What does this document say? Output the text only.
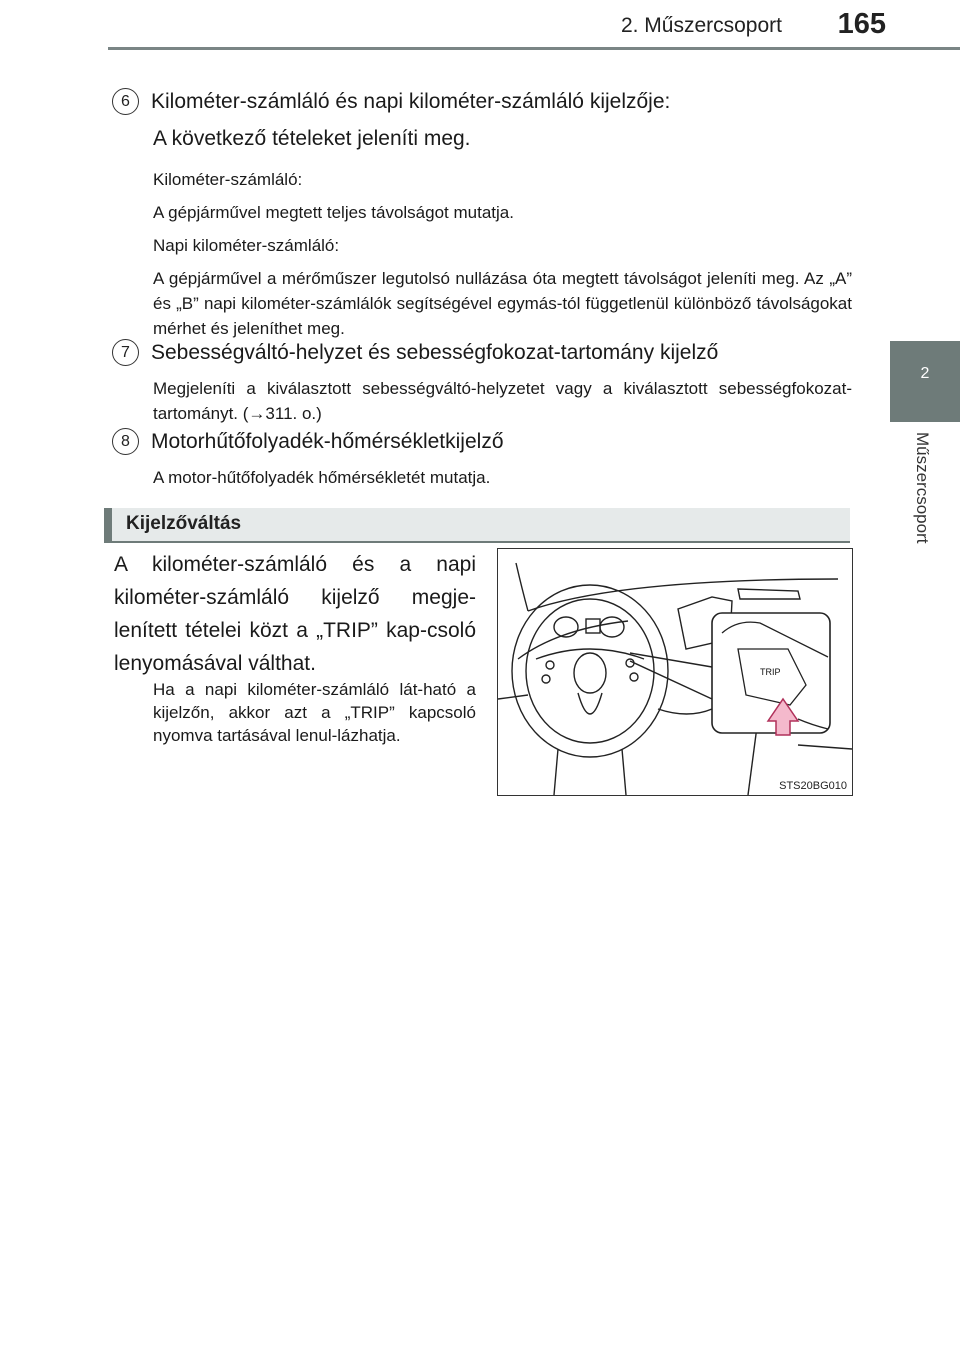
2. Műszercsoport 165
2
Műszercsoport
6	Kilométer-számláló és napi kilométer-számláló kijelzője:
A következő tételeket jeleníti meg.

Kilométer-számláló:

A gépjárművel megtett teljes távolságot mutatja.

Napi kilométer-számláló:

A gépjárművel a mérőműszer legutolsó nullázása óta megtett távolságot jeleníti meg. Az „A” és „B” napi kilométer-számlálók segítségével egymás-tól függetlenül különböző távolságokat mérhet és jeleníthet meg.

7	Sebességváltó-helyzet és sebességfokozat-tartomány kijelző

Megjeleníti a kiválasztott sebességváltó-helyzetet vagy a kiválasztott sebességfokozat-tartományt. (→311. o.)

8	Motorhűtőfolyadék-hőmérsékletkijelző

A motor-hűtőfolyadék hőmérsékletét mutatja.

Kijelzőváltás

A kilométer-számláló és a napi kilométer-számláló kijelző megje-lenített tételei közt a „TRIP” kap-csoló lenyomásával válthat.

Ha a napi kilométer-számláló lát-ható a kijelzőn, akkor azt a „TRIP” kapcsoló nyomva tartásával lenul-lázhatja.

TRIP
STS20BG010
